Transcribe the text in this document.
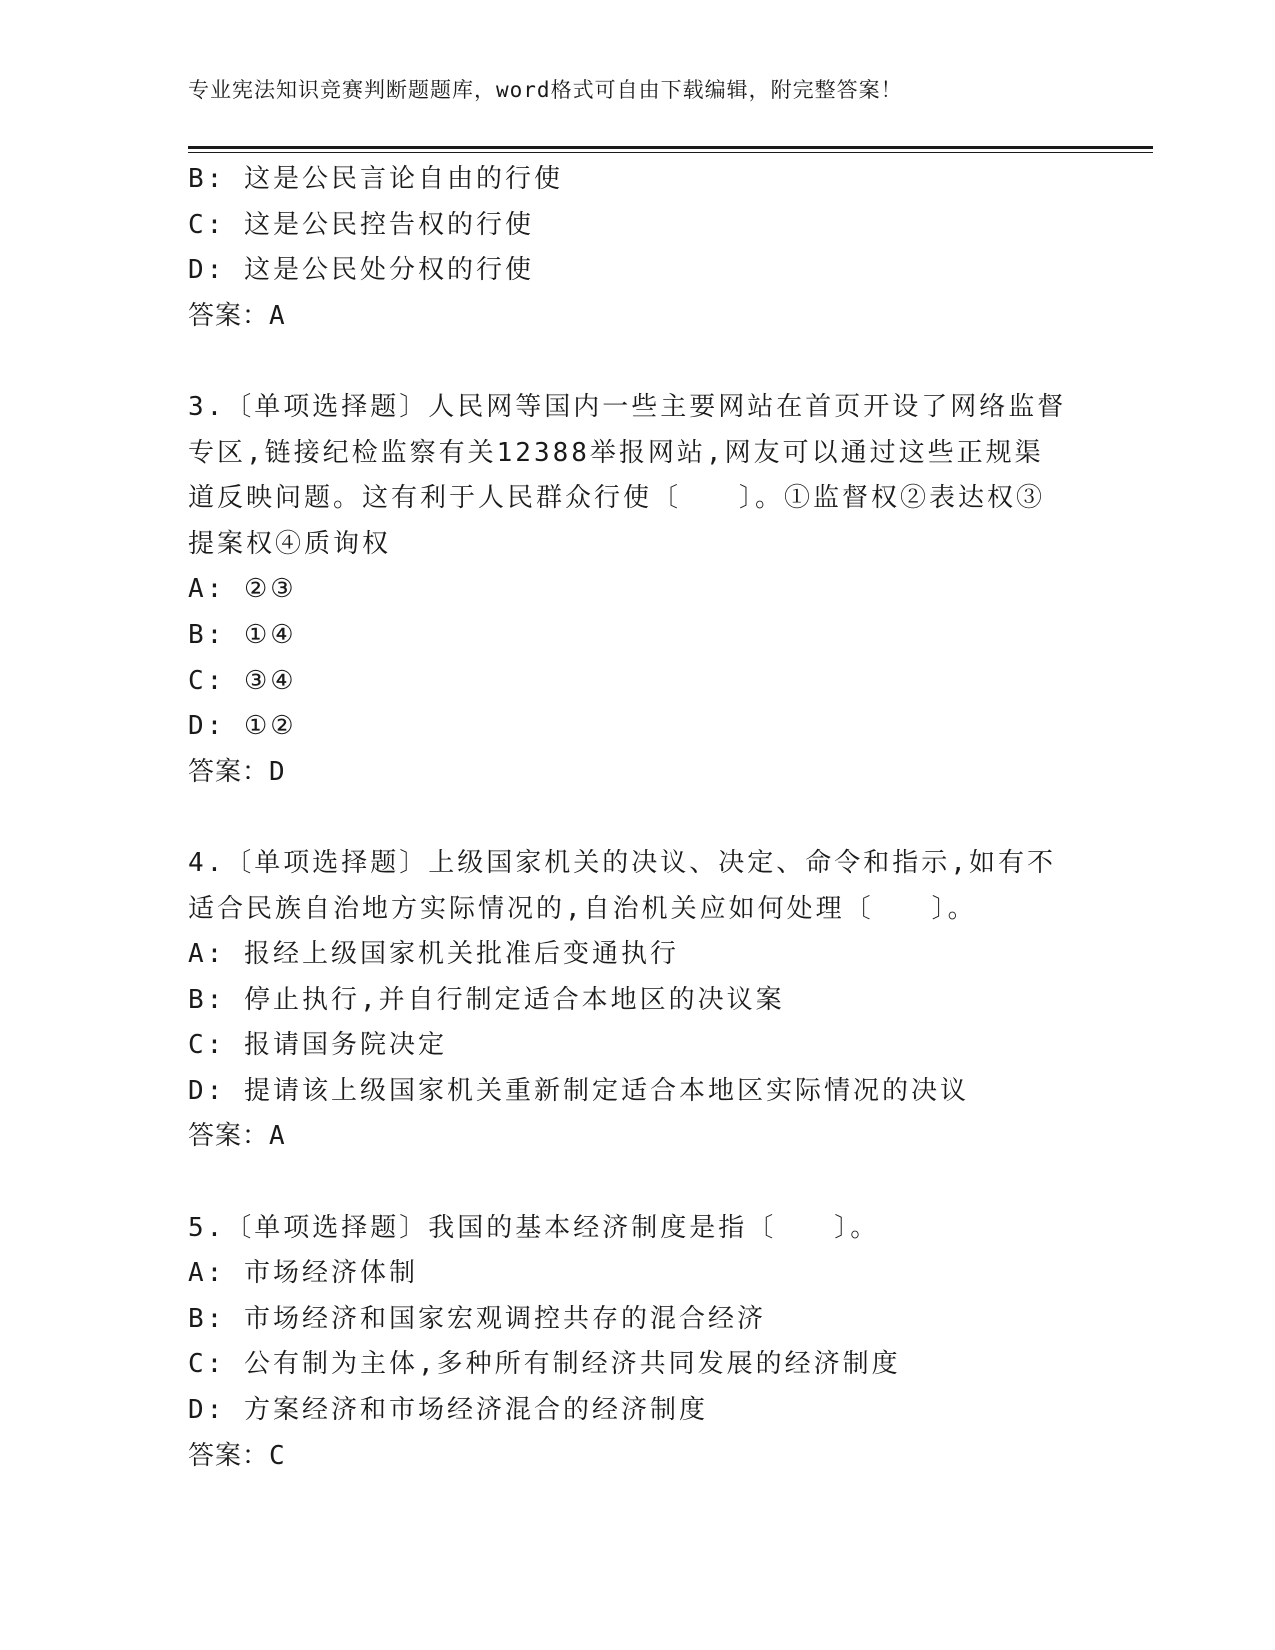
专业宪法知识竞赛判断题题库，word格式可自由下载编辑，附完整答案！
B: 这是公民言论自由的行使
C: 这是公民控告权的行使
D: 这是公民处分权的行使
答案：A
3.〔单项选择题〕人民网等国内一些主要网站在首页开设了网络监督专区,链接纪检监察有关12388举报网站,网友可以通过这些正规渠道反映问题。这有利于人民群众行使〔　　〕。①监督权②表达权③提案权④质询权
A: ②③
B: ①④
C: ③④
D: ①②
答案：D
4.〔单项选择题〕上级国家机关的决议、决定、命令和指示,如有不适合民族自治地方实际情况的,自治机关应如何处理〔　　〕。
A: 报经上级国家机关批准后变通执行
B: 停止执行,并自行制定适合本地区的决议案
C: 报请国务院决定
D: 提请该上级国家机关重新制定适合本地区实际情况的决议
答案：A
5.〔单项选择题〕我国的基本经济制度是指〔　　〕。
A: 市场经济体制
B: 市场经济和国家宏观调控共存的混合经济
C: 公有制为主体,多种所有制经济共同发展的经济制度
D: 方案经济和市场经济混合的经济制度
答案：C
